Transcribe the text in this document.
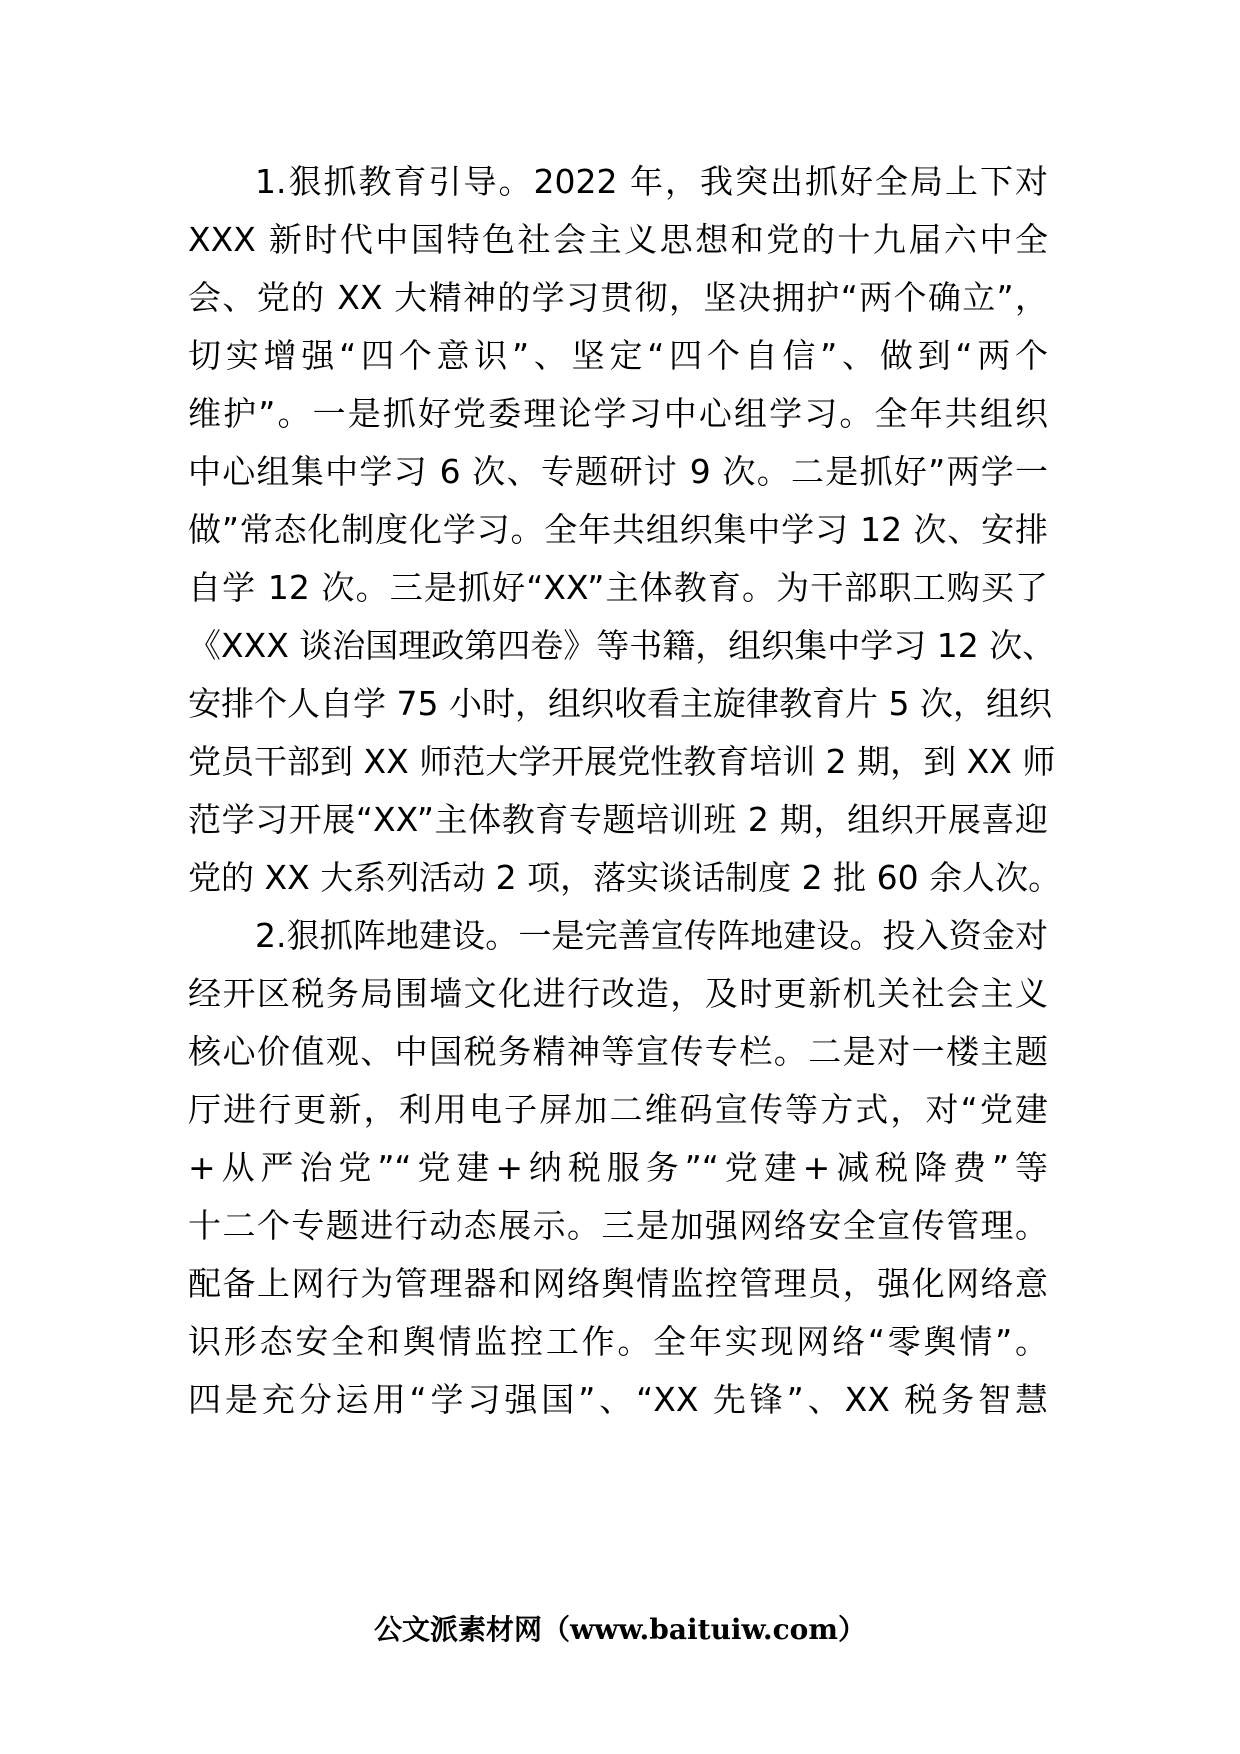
1.狠抓教育引导。2022 年，我突出抓好全局上下对
XXX 新时代中国特色社会主义思想和党的十九届六中全
会、党的 XX 大精神的学习贯彻，坚决拥护“两个确立”，
切实增强“四个意识”、坚定“四个自信”、做到“两个
维护”。一是抓好党委理论学习中心组学习。全年共组织
中心组集中学习 6 次、专题研讨 9 次。二是抓好”两学一
做”常态化制度化学习。全年共组织集中学习 12 次、安排
自学 12 次。三是抓好“XX”主体教育。为干部职工购买了
《XXX 谈治国理政第四卷》等书籍，组织集中学习 12 次、
安排个人自学 75 小时，组织收看主旋律教育片 5 次，组织
党员干部到 XX 师范大学开展党性教育培训 2 期，到 XX 师
范学习开展“XX”主体教育专题培训班 2 期，组织开展喜迎
党的 XX 大系列活动 2 项，落实谈话制度 2 批 60 余人次。
2.狠抓阵地建设。一是完善宣传阵地建设。投入资金对
经开区税务局围墙文化进行改造，及时更新机关社会主义
核心价值观、中国税务精神等宣传专栏。二是对一楼主题
厅进行更新，利用电子屏加二维码宣传等方式，对“党建
+从严治党”“党建+纳税服务”“党建+减税降费”等
十二个专题进行动态展示。三是加强网络安全宣传管理。
配备上网行为管理器和网络舆情监控管理员，强化网络意
识形态安全和舆情监控工作。全年实现网络“零舆情”。
四是充分运用“学习强国”、“XX 先锋”、XX 税务智慧
公文派素材网（www.baituiw.com）
